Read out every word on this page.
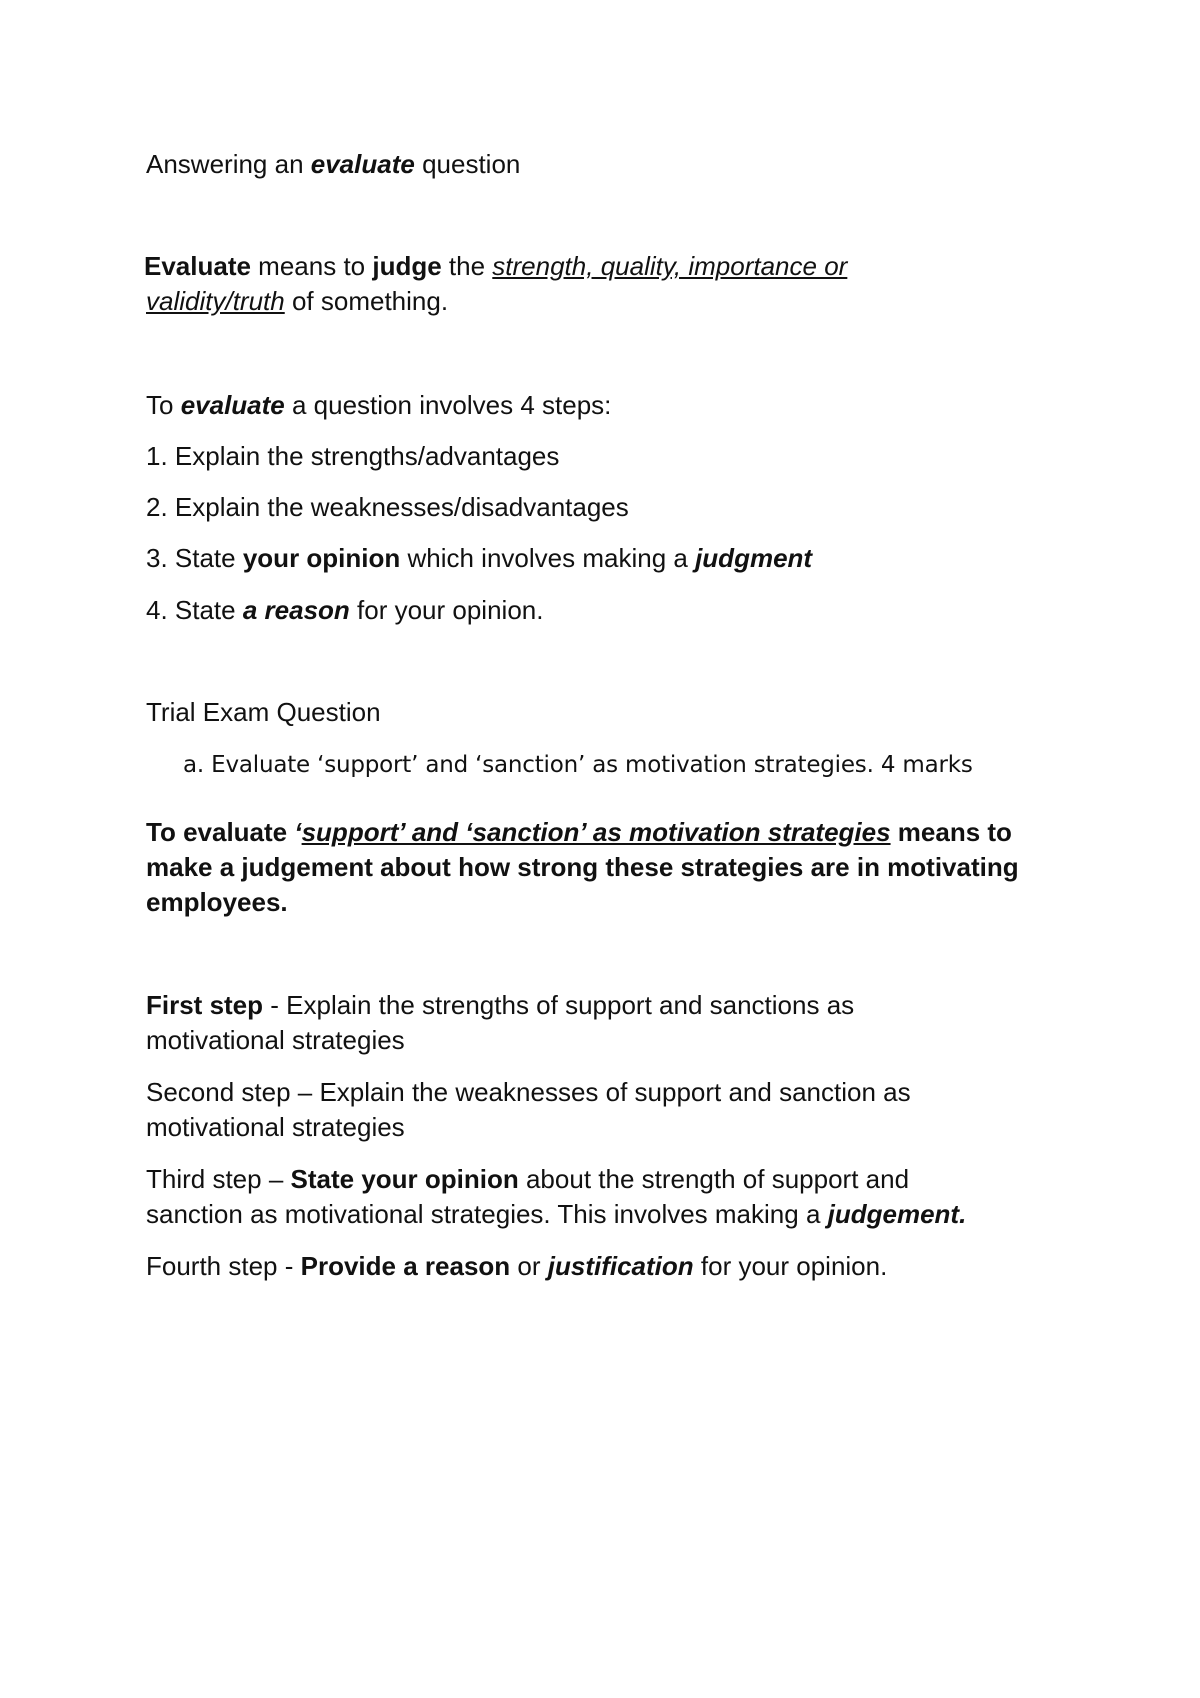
Answering an evaluate question
Evaluate means to judge the strength, quality, importance or
validity/truth of something.
To evaluate a question involves 4 steps:
1. Explain the strengths/advantages
2. Explain the weaknesses/disadvantages
3. State your opinion which involves making a judgment
4. State a reason for your opinion.
Trial Exam Question
a. Evaluate ‘support’ and ‘sanction’ as motivation strategies. 4 marks
To evaluate ‘support’ and ‘sanction’ as motivation strategies means to
make a judgement about how strong these strategies are in motivating
employees.
First step - Explain the strengths of support and sanctions as
motivational strategies
Second step – Explain the weaknesses of support and sanction as
motivational strategies
Third step – State your opinion about the strength of support and
sanction as motivational strategies. This involves making a judgement.
Fourth step - Provide a reason or justification for your opinion.
